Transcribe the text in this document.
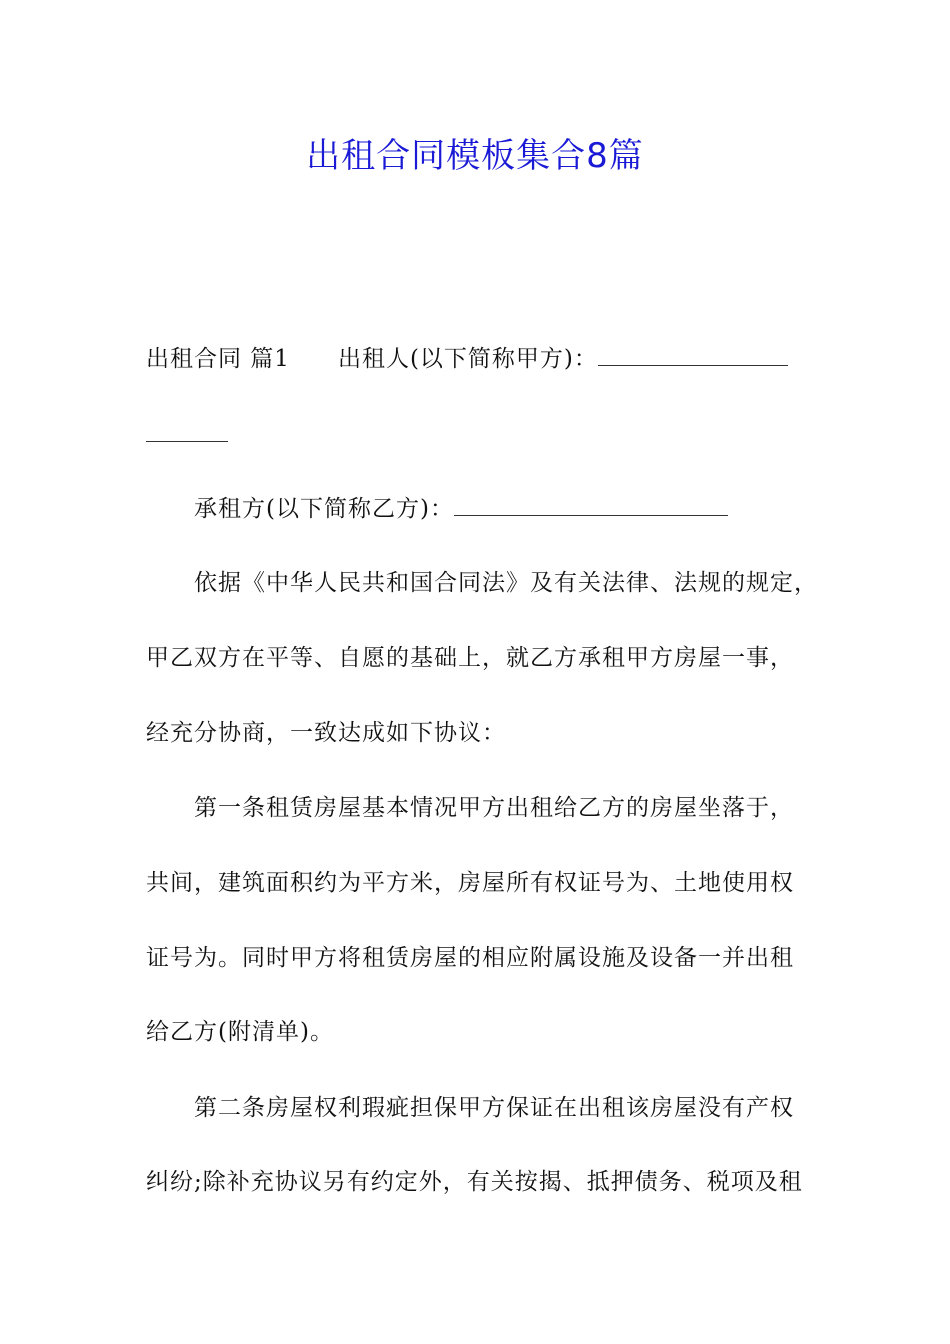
出租合同模板集合8篇
出租合同 篇1 出租人(以下简称甲方)：
承租方(以下简称乙方)：
依据《中华人民共和国合同法》及有关法律、法规的规定，
甲乙双方在平等、自愿的基础上，就乙方承租甲方房屋一事，
经充分协商，一致达成如下协议：
第一条租赁房屋基本情况甲方出租给乙方的房屋坐落于，
共间，建筑面积约为平方米，房屋所有权证号为、土地使用权
证号为。同时甲方将租赁房屋的相应附属设施及设备一并出租
给乙方(附清单)。
第二条房屋权利瑕疵担保甲方保证在出租该房屋没有产权
纠纷;除补充协议另有约定外，有关按揭、抵押债务、税项及租
